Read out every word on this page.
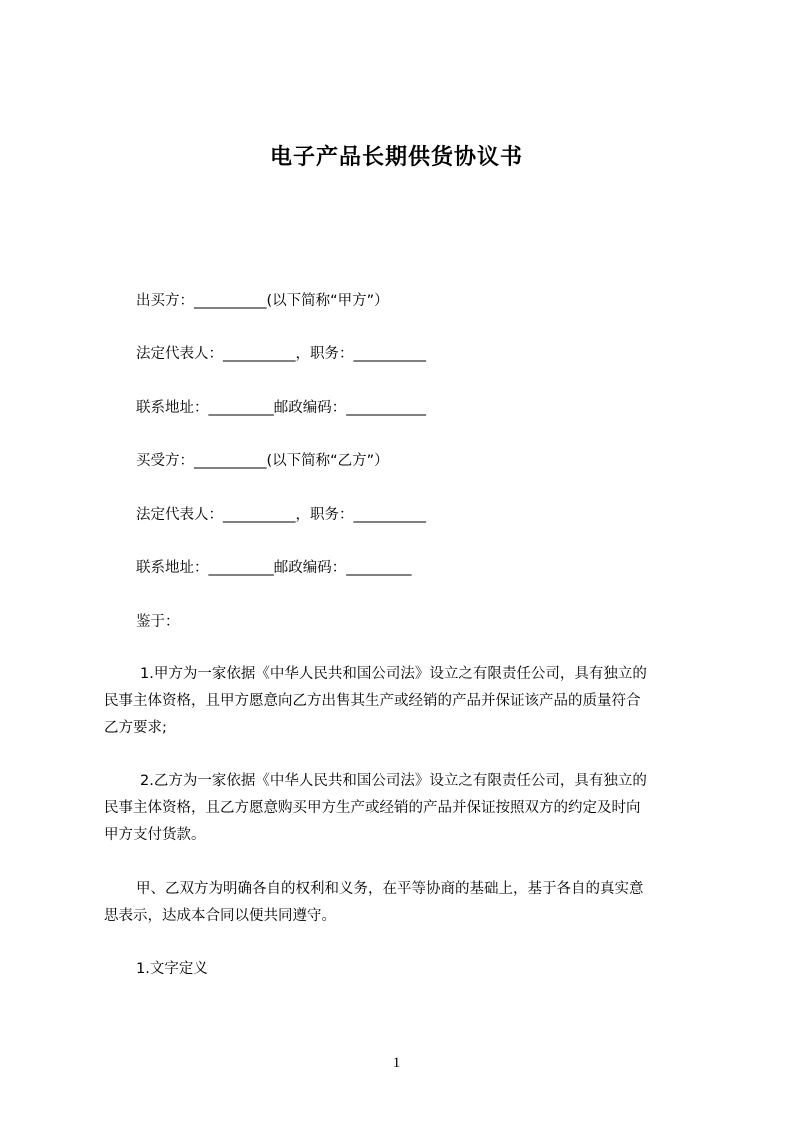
电子产品长期供货协议书
出买方：__________(以下简称“甲方”）
法定代表人：__________，职务：__________
联系地址：_________邮政编码：___________
买受方：__________(以下简称“乙方”）
法定代表人：__________，职务：__________
联系地址：_________邮政编码：_________
鉴于：
1.甲方为一家依据《中华人民共和国公司法》设立之有限责任公司，具有独立的
民事主体资格，且甲方愿意向乙方出售其生产或经销的产品并保证该产品的质量符合
乙方要求;
2.乙方为一家依据《中华人民共和国公司法》设立之有限责任公司，具有独立的
民事主体资格，且乙方愿意购买甲方生产或经销的产品并保证按照双方的约定及时向
甲方支付货款。
甲、乙双方为明确各自的权利和义务，在平等协商的基础上，基于各自的真实意
思表示，达成本合同以便共同遵守。
1.文字定义
1
